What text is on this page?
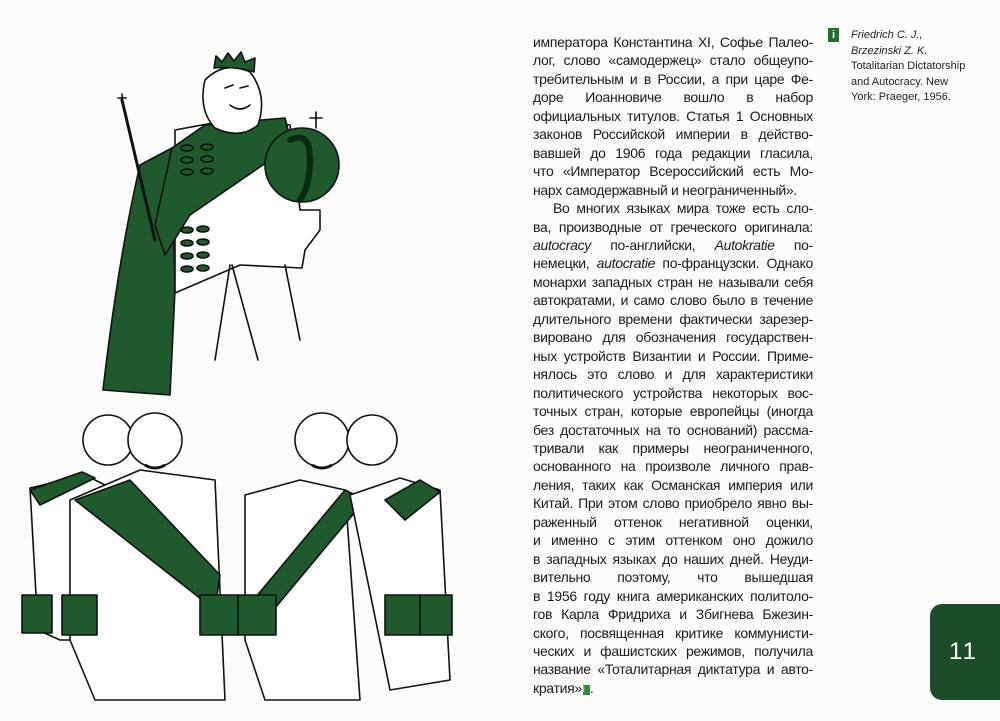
императора Константина XI, Софье Палео-
лог, слово «самодержец» стало общеупо-
требительным и в России, а при царе Фе-
доре Иоанновиче вошло в набор
официальных титулов. Статья 1 Основных
законов Российской империи в действо-
вавшей до 1906 года редакции гласила,
что «Император Всероссийский есть Мо-
нарх самодержавный и неограниченный».
Во многих языках мира тоже есть сло-
ва, производные от греческого оригинала:
autocracy по-английски, Autokratie по-
немецки, autocratie по-французски. Однако
монархи западных стран не называли себя
автократами, и само слово было в течение
длительного времени фактически зарезер-
вировано для обозначения государствен-
ных устройств Византии и России. Приме-
нялось это слово и для характеристики
политического устройства некоторых вос-
точных стран, которые европейцы (иногда
без достаточных на то оснований) рассма-
тривали как примеры неограниченного,
основанного на произволе личного прав-
ления, таких как Османская империя или
Китай. При этом слово приобрело явно вы-
раженный оттенок негативной оценки,
и именно с этим оттенком оно дожило
в западных языках до наших дней. Неуди-
вительно поэтому, что вышедшая
в 1956 году книга американских политоло-
гов Карла Фридриха и Збигнева Бжезин-
ского, посвященная критике коммунисти-
ческих и фашистских режимов, получила
название «Тоталитарная диктатура и авто-
кратия»i .
i	Friedrich C. J., Brzezinski Z. K. Totalitarian Dictatorship and Autocracy. New York: Praeger, 1956.
11
